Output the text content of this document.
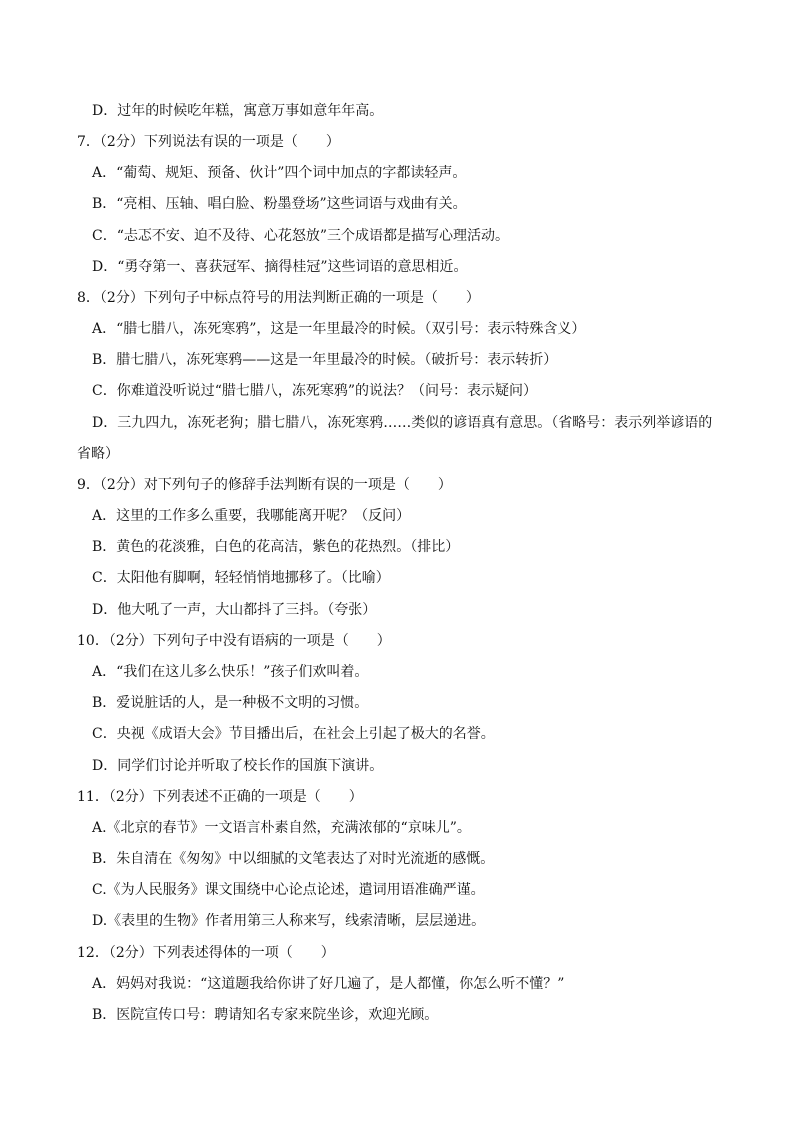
D．过年的时候吃年糕，寓意万事如意年年高。
7．（2分）下列说法有误的一项是（　　）
A．“葡萄、规矩、预备、伙计”四个词中加点的字都读轻声。
B．“亮相、压轴、唱白脸、粉墨登场”这些词语与戏曲有关。
C．“忐忑不安、迫不及待、心花怒放”三个成语都是描写心理活动。
D．“勇夺第一、喜获冠军、摘得桂冠”这些词语的意思相近。
8．（2分）下列句子中标点符号的用法判断正确的一项是（　　）
A．“腊七腊八，冻死寒鸦”，这是一年里最冷的时候。（双引号：表示特殊含义）
B．腊七腊八，冻死寒鸦——这是一年里最冷的时候。（破折号：表示转折）
C．你难道没听说过“腊七腊八，冻死寒鸦”的说法？（问号：表示疑问）
D．三九四九，冻死老狗；腊七腊八，冻死寒鸦……类似的谚语真有意思。（省略号：表示列举谚语的
省略）
9．（2分）对下列句子的修辞手法判断有误的一项是（　　）
A．这里的工作多么重要，我哪能离开呢？（反问）
B．黄色的花淡雅，白色的花高洁，紫色的花热烈。（排比）
C．太阳他有脚啊，轻轻悄悄地挪移了。（比喻）
D．他大吼了一声，大山都抖了三抖。（夸张）
10．（2分）下列句子中没有语病的一项是（　　）
A．“我们在这儿多么快乐！”孩子们欢叫着。
B．爱说脏话的人，是一种极不文明的习惯。
C．央视《成语大会》节目播出后，在社会上引起了极大的名誉。
D．同学们讨论并听取了校长作的国旗下演讲。
11．（2分）下列表述不正确的一项是（　　）
A.《北京的春节》一文语言朴素自然，充满浓郁的“京味儿”。
B．朱自清在《匆匆》中以细腻的文笔表达了对时光流逝的感慨。
C.《为人民服务》课文围绕中心论点论述，遣词用语准确严谨。
D.《表里的生物》作者用第三人称来写，线索清晰，层层递进。
12．（2分）下列表述得体的一项（　　）
A．妈妈对我说：“这道题我给你讲了好几遍了，是人都懂，你怎么听不懂？”
B．医院宣传口号：聘请知名专家来院坐诊，欢迎光顾。
